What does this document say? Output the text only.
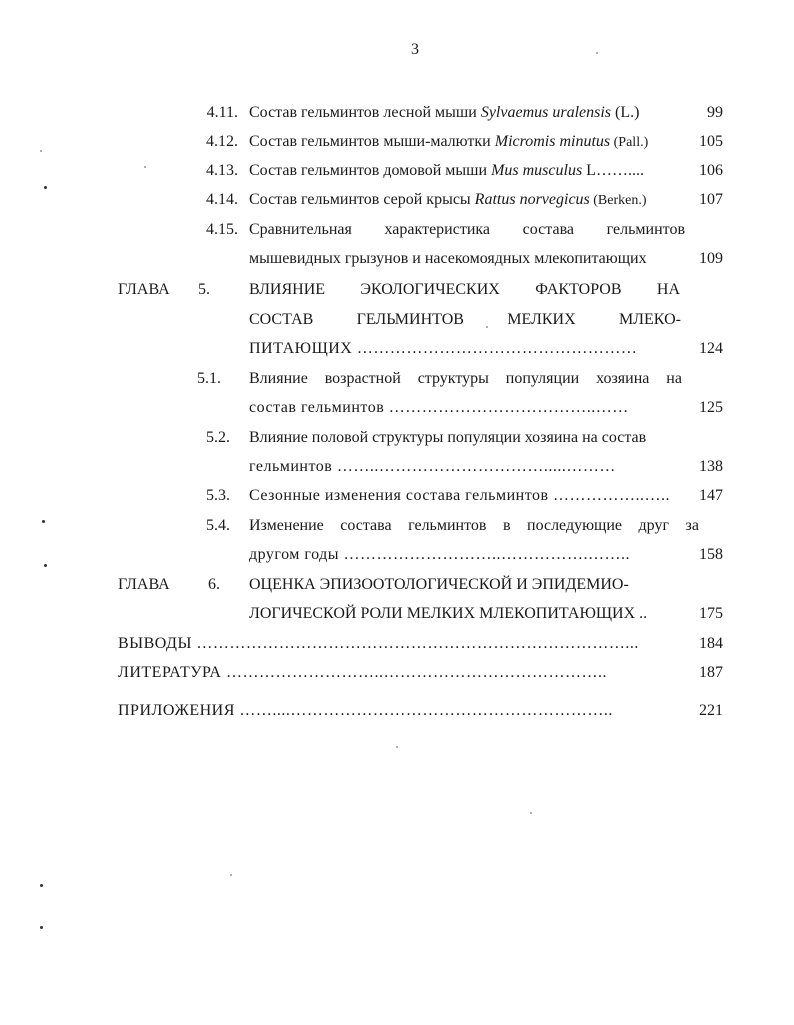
3
4.11. Состав гельминтов лесной мыши Sylvaemus uralensis (L.)	99
4.12. Состав гельминтов мыши-малютки Micromis minutus (Pall.)	105
4.13. Состав гельминтов домовой мыши Mus musculus L……....	106
4.14. Состав гельминтов серой крысы Rattus norvegicus (Berken.)	107
4.15. Сравнительная характеристика состава гельминтов
мышевидных грызунов и насекомоядных млекопитающих	109
ГЛАВА 5. ВЛИЯНИЕ ЭКОЛОГИЧЕСКИХ ФАКТОРОВ НА
СОСТАВ	ГЕЛЬМИНТОВ	МЕЛКИХ	МЛЕКО-
ПИТАЮЩИХ ……………………………………………	124
5.1. Влияние возрастной структуры популяции хозяина на
состав гельминтов ………………………………..……	125
5.2. Влияние половой структуры популяции хозяина на состав
гельминтов ……..………………………….....………	138
5.3. Сезонные изменения состава гельминтов ……………..…..	147
5.4. Изменение состава гельминтов в последующие друг за
другом годы ………………………..…………….……..	158
ГЛАВА 6. ОЦЕНКА ЭПИЗООТОЛОГИЧЕСКОЙ И ЭПИДЕМИО-
ЛОГИЧЕСКОЙ РОЛИ МЕЛКИХ МЛЕКОПИТАЮЩИХ ..	175
ВЫВОДЫ ……………………………………………………………………...	184
ЛИТЕРАТУРА ………………………..…………………………………..	187
ПРИЛОЖЕНИЯ ……....…………………………………………………..	221
